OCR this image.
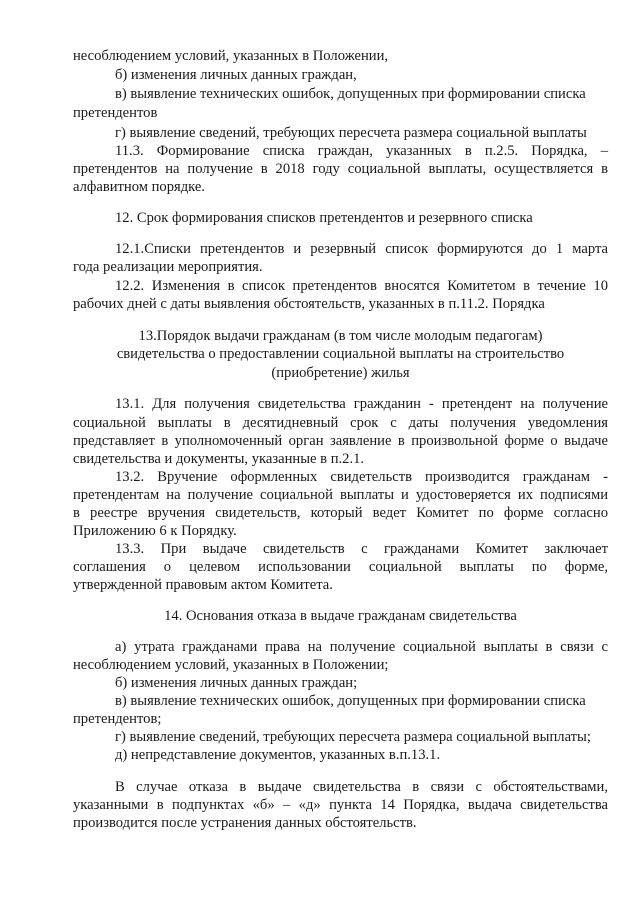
несоблюдением условий, указанных в Положении,
б) изменения личных данных граждан,
в) выявление технических ошибок, допущенных при формировании списка
претендентов
г) выявление сведений, требующих пересчета размера социальной выплаты
11.3. Формирование списка граждан, указанных в п.2.5. Порядка, –
претендентов на получение в 2018 году социальной выплаты, осуществляется в
алфавитном порядке.
12. Срок формирования списков претендентов и резервного списка
12.1.Списки претендентов и резервный список формируются до 1 марта
года реализации мероприятия.
12.2. Изменения в список претендентов вносятся Комитетом в течение 10
рабочих дней с даты выявления обстоятельств, указанных в п.11.2. Порядка
13.Порядок выдачи гражданам (в том числе молодым педагогам)
свидетельства о предоставлении социальной выплаты на строительство
(приобретение) жилья
13.1. Для получения свидетельства гражданин - претендент на получение
социальной выплаты в десятидневный срок с даты получения уведомления
представляет в уполномоченный орган заявление в произвольной форме о выдаче
свидетельства и документы, указанные в п.2.1.
13.2. Вручение оформленных свидетельств производится гражданам -
претендентам на получение социальной выплаты и удостоверяется их подписями
в реестре вручения свидетельств, который ведет Комитет по форме согласно
Приложению 6 к Порядку.
13.3. При выдаче свидетельств с гражданами Комитет заключает
соглашения о целевом использовании социальной выплаты по форме,
утвержденной правовым актом Комитета.
14. Основания отказа в выдаче гражданам свидетельства
а) утрата гражданами права на получение социальной выплаты в связи с
несоблюдением условий, указанных в Положении;
б) изменения личных данных граждан;
в) выявление технических ошибок, допущенных при формировании списка
претендентов;
г) выявление сведений, требующих пересчета размера социальной выплаты;
д) непредставление документов, указанных в.п.13.1.
В случае отказа в выдаче свидетельства в связи с обстоятельствами,
указанными в подпунктах «б» – «д» пункта 14 Порядка, выдача свидетельства
производится после устранения данных обстоятельств.
